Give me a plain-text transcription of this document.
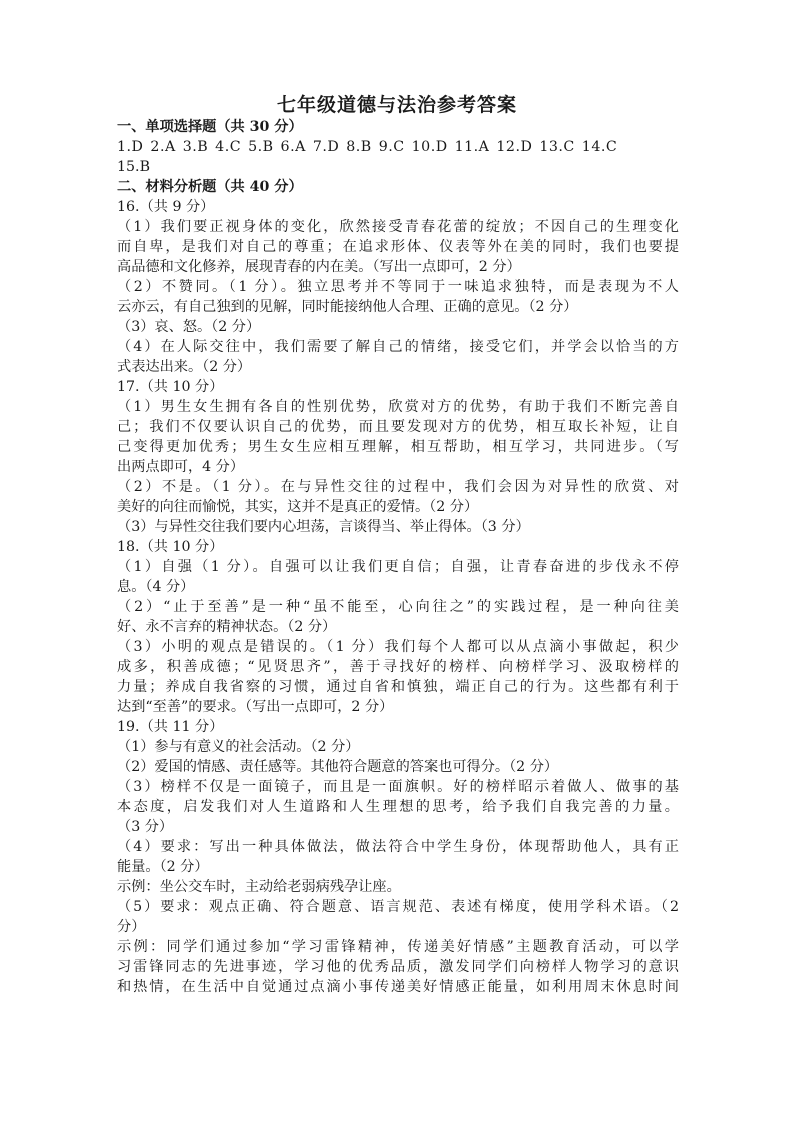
七年级道德与法治参考答案
一、单项选择题（共 30 分）
1.D 2.A 3.B 4.C 5.B 6.A 7.D 8.B 9.C 10.D 11.A 12.D 13.C 14.C
15.B
二、材料分析题（共 40 分）
16.（共 9 分）
（1）我们要正视身体的变化，欣然接受青春花蕾的绽放；不因自己的生理变化
而自卑，是我们对自己的尊重；在追求形体、仪表等外在美的同时，我们也要提
高品德和文化修养，展现青春的内在美。（写出一点即可，2 分）
（2）不赞同。（1 分）。独立思考并不等同于一味追求独特，而是表现为不人
云亦云，有自己独到的见解，同时能接纳他人合理、正确的意见。（2 分）
（3）哀、怒。（2 分）
（4）在人际交往中，我们需要了解自己的情绪，接受它们，并学会以恰当的方
式表达出来。（2 分）
17.（共 10 分）
（1）男生女生拥有各自的性别优势，欣赏对方的优势，有助于我们不断完善自
己；我们不仅要认识自己的优势，而且要发现对方的优势，相互取长补短，让自
己变得更加优秀；男生女生应相互理解，相互帮助，相互学习，共同进步。（写
出两点即可，4 分）
（2）不是。（1 分）。在与异性交往的过程中，我们会因为对异性的欣赏、对
美好的向往而愉悦，其实，这并不是真正的爱情。（2 分）
（3）与异性交往我们要内心坦荡，言谈得当、举止得体。（3 分）
18.（共 10 分）
（1）自强（1 分）。自强可以让我们更自信；自强，让青春奋进的步伐永不停
息。（4 分）
（2）“止于至善”是一种“虽不能至，心向往之”的实践过程，是一种向往美
好、永不言弃的精神状态。（2 分）
（3）小明的观点是错误的。（1 分）我们每个人都可以从点滴小事做起，积少
成多，积善成德；“见贤思齐”，善于寻找好的榜样、向榜样学习、汲取榜样的
力量；养成自我省察的习惯，通过自省和慎独，端正自己的行为。这些都有利于
达到“至善”的要求。（写出一点即可，2 分）
19.（共 11 分）
（1）参与有意义的社会活动。（2 分）
（2）爱国的情感、责任感等。其他符合题意的答案也可得分。（2 分）
（3）榜样不仅是一面镜子，而且是一面旗帜。好的榜样昭示着做人、做事的基
本态度，启发我们对人生道路和人生理想的思考，给予我们自我完善的力量。
（3 分）
（4）要求：写出一种具体做法，做法符合中学生身份，体现帮助他人，具有正
能量。（2 分）
示例：坐公交车时，主动给老弱病残孕让座。
（5）要求：观点正确、符合题意、语言规范、表述有梯度，使用学科术语。（2
分）
示例：同学们通过参加“学习雷锋精神，传递美好情感”主题教育活动，可以学
习雷锋同志的先进事迹，学习他的优秀品质，激发同学们向榜样人物学习的意识
和热情，在生活中自觉通过点滴小事传递美好情感正能量，如利用周末休息时间
